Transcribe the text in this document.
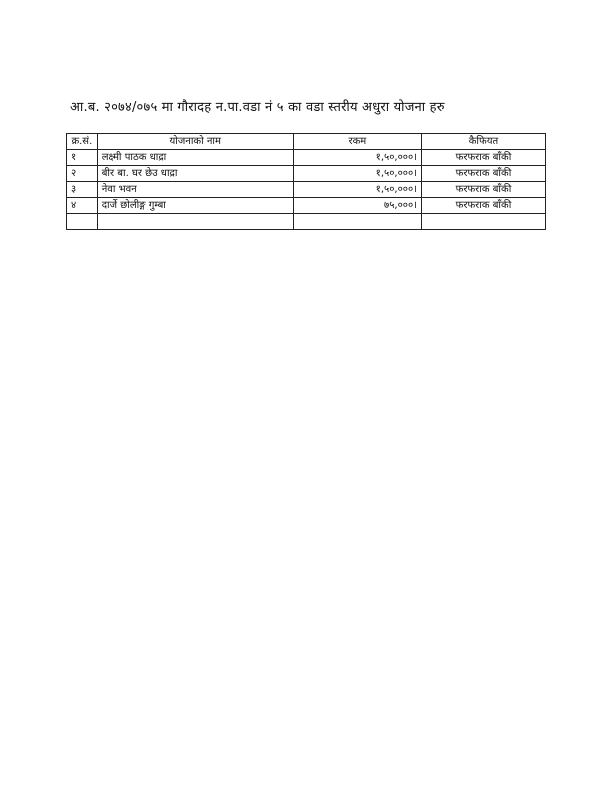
आ.ब. २०७४/०७५ मा गौरादह न.पा.वडा नं ५ का वडा स्तरीय अधुरा योजना हरु
क्र.सं.	योजनाको नाम	रकम	कैफियत
१	लक्ष्मी पाठक धाद्रा	१,५०,०००।	फरफराक बाँकी
२	बीर बा. घर छेउ धाद्रा	१,५०,०००।	फरफराक बाँकी
३	नेवा भवन	१,५०,०००।	फरफराक बाँकी
४	दार्जे छोलीङ्ग गुम्बा	७५,०००।	फरफराक बाँकी
